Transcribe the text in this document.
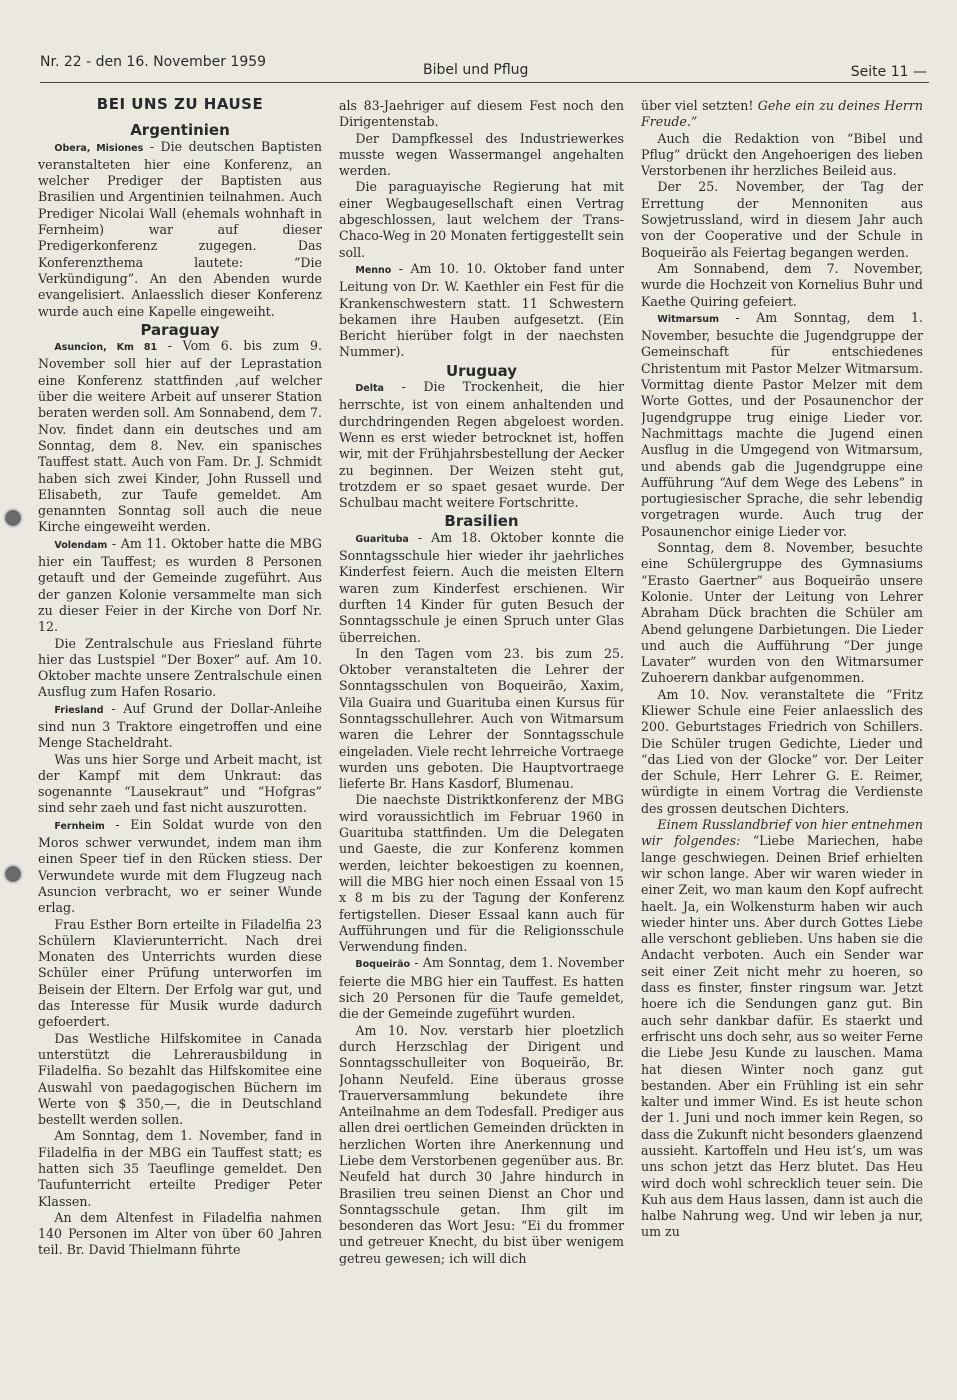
Nr. 22 - den 16. November 1959	Bibel und Pflug	Seite 11 —
BEI UNS ZU HAUSE
Argentinien

Obera, Misiones - Die deutschen Baptisten veranstalteten hier eine Konferenz, an welcher Prediger der Baptisten aus Brasilien und Argentinien teilnahmen. Auch Prediger Nicolai Wall (ehemals wohnhaft in Fernheim) war auf dieser Predigerkonferenz zugegen. Das Konferenzthema lautete: “Die Verkündigung”. An den Abenden wurde evangelisiert. Anlaesslich dieser Konferenz wurde auch eine Kapelle eingeweiht.

Paraguay

Asuncion, Km 81 - Vom 6. bis zum 9. November soll hier auf der Leprastation eine Konferenz stattfinden ,auf welcher über die weitere Arbeit auf unserer Station beraten werden soll. Am Sonnabend, dem 7. Nov. findet dann ein deutsches und am Sonntag, dem 8. Nev. ein spanisches Tauffest statt. Auch von Fam. Dr. J. Schmidt haben sich zwei Kinder, John Russell und Elisabeth, zur Taufe gemeldet. Am genannten Sonntag soll auch die neue Kirche eingeweiht werden.

Volendam - Am 11. Oktober hatte die MBG hier ein Tauffest; es wurden 8 Personen getauft und der Gemeinde zugeführt. Aus der ganzen Kolonie versammelte man sich zu dieser Feier in der Kirche von Dorf Nr. 12.

Die Zentralschule aus Friesland führte hier das Lustspiel “Der Boxer” auf. Am 10. Oktober machte unsere Zentralschule einen Ausflug zum Hafen Rosario.

Friesland - Auf Grund der Dollar-Anleihe sind nun 3 Traktore eingetroffen und eine Menge Stacheldraht.

Was uns hier Sorge und Arbeit macht, ist der Kampf mit dem Unkraut: das sogenannte “Lausekraut” und “Hofgras” sind sehr zaeh und fast nicht auszurotten.

Fernheim - Ein Soldat wurde von den Moros schwer verwundet, indem man ihm einen Speer tief in den Rücken stiess. Der Verwundete wurde mit dem Flugzeug nach Asuncion verbracht, wo er seiner Wunde erlag.

Frau Esther Born erteilte in Filadelfia 23 Schülern Klavierunterricht. Nach drei Monaten des Unterrichts wurden diese Schüler einer Prüfung unterworfen im Beisein der Eltern. Der Erfolg war gut, und das Interesse für Musik wurde dadurch gefoerdert.

Das Westliche Hilfskomitee in Canada unterstützt die Lehrerausbildung in Filadelfia. So bezahlt das Hilfskomitee eine Auswahl von paedagogischen Büchern im Werte von $ 350,—, die in Deutschland bestellt werden sollen.

Am Sonntag, dem 1. November, fand in Filadelfia in der MBG ein Tauffest statt; es hatten sich 35 Taeuflinge gemeldet. Den Taufunterricht erteilte Prediger Peter Klassen.

An dem Altenfest in Filadelfia nahmen 140 Personen im Alter von über 60 Jahren teil. Br. David Thielmann führte

als 83-Jaehriger auf diesem Fest noch den Dirigentenstab.

Der Dampfkessel des Industriewerkes musste wegen Wassermangel angehalten werden.

Die paraguayische Regierung hat mit einer Wegbaugesellschaft einen Vertrag abgeschlossen, laut welchem der Trans-Chaco-Weg in 20 Monaten fertiggestellt sein soll.

Menno - Am 10. 10. Oktober fand unter Leitung von Dr. W. Kaethler ein Fest für die Krankenschwestern statt. 11 Schwestern bekamen ihre Hauben aufgesetzt. (Ein Bericht hierüber folgt in der naechsten Nummer).

Uruguay

Delta - Die Trockenheit, die hier herrschte, ist von einem anhaltenden und durchdringenden Regen abgeloest worden. Wenn es erst wieder betrocknet ist, hoffen wir, mit der Frühjahrsbestellung der Aecker zu beginnen. Der Weizen steht gut, trotzdem er so spaet gesaet wurde. Der Schulbau macht weitere Fortschritte.

Brasilien

Guarituba - Am 18. Oktober konnte die Sonntagsschule hier wieder ihr jaehrliches Kinderfest feiern. Auch die meisten Eltern waren zum Kinderfest erschienen. Wir durften 14 Kinder für guten Besuch der Sonntagsschule je einen Spruch unter Glas überreichen.

In den Tagen vom 23. bis zum 25. Oktober veranstalteten die Lehrer der Sonntagsschulen von Boqueirão, Xaxim, Vila Guaira und Guarituba einen Kursus für Sonntagsschullehrer. Auch von Witmarsum waren die Lehrer der Sonntagsschule eingeladen. Viele recht lehrreiche Vortraege wurden uns geboten. Die Hauptvortraege lieferte Br. Hans Kasdorf, Blumenau.

Die naechste Distriktkonferenz der MBG wird voraussichtlich im Februar 1960 in Guarituba stattfinden. Um die Delegaten und Gaeste, die zur Konferenz kommen werden, leichter bekoestigen zu koennen, will die MBG hier noch einen Essaal von 15 x 8 m bis zu der Tagung der Konferenz fertigstellen. Dieser Essaal kann auch für Aufführungen und für die Religionsschule Verwendung finden.

Boqueirão - Am Sonntag, dem 1. November feierte die MBG hier ein Tauffest. Es hatten sich 20 Personen für die Taufe gemeldet, die der Gemeinde zugeführt wurden.

Am 10. Nov. verstarb hier ploetzlich durch Herzschlag der Dirigent und Sonntagsschulleiter von Boqueirão, Br. Johann Neufeld. Eine überaus grosse Trauerversammlung bekundete ihre Anteilnahme an dem Todesfall. Prediger aus allen drei oertlichen Gemeinden drückten in herzlichen Worten ihre Anerkennung und Liebe dem Verstorbenen gegenüber aus. Br. Neufeld hat durch 30 Jahre hindurch in Brasilien treu seinen Dienst an Chor und Sonntagsschule getan. Ihm gilt im besonderen das Wort Jesu: “Ei du frommer und getreuer Knecht, du bist über wenigem getreu gewesen; ich will dich

über viel setzten! Gehe ein zu deines Herrn Freude.”

Auch die Redaktion von “Bibel und Pflug” drückt den Angehoerigen des lieben Verstorbenen ihr herzliches Beileid aus.

Der 25. November, der Tag der Errettung der Mennoniten aus Sowjetrussland, wird in diesem Jahr auch von der Cooperative und der Schule in Boqueirão als Feiertag begangen werden.

Am Sonnabend, dem 7. November, wurde die Hochzeit von Kornelius Buhr und Kaethe Quiring gefeiert.

Witmarsum - Am Sonntag, dem 1. November, besuchte die Jugendgruppe der Gemeinschaft für entschiedenes Christentum mit Pastor Melzer Witmarsum. Vormittag diente Pastor Melzer mit dem Worte Gottes, und der Posaunenchor der Jugendgruppe trug einige Lieder vor. Nachmittags machte die Jugend einen Ausflug in die Umgegend von Witmarsum, und abends gab die Jugendgruppe eine Aufführung “Auf dem Wege des Lebens” in portugiesischer Sprache, die sehr lebendig vorgetragen wurde. Auch trug der Posaunenchor einige Lieder vor.

Sonntag, dem 8. November, besuchte eine Schülergruppe des Gymnasiums “Erasto Gaertner” aus Boqueirão unsere Kolonie. Unter der Leitung von Lehrer Abraham Dück brachten die Schüler am Abend gelungene Darbietungen. Die Lieder und auch die Aufführung “Der junge Lavater” wurden von den Witmarsumer Zuhoerern dankbar aufgenommen.

Am 10. Nov. veranstaltete die “Fritz Kliewer Schule eine Feier anlaesslich des 200. Geburtstages Friedrich von Schillers. Die Schüler trugen Gedichte, Lieder und “das Lied von der Glocke” vor. Der Leiter der Schule, Herr Lehrer G. E. Reimer, würdigte in einem Vortrag die Verdienste des grossen deutschen Dichters.

Einem Russlandbrief von hier entnehmen wir folgendes: “Liebe Mariechen, habe lange geschwiegen. Deinen Brief erhielten wir schon lange. Aber wir waren wieder in einer Zeit, wo man kaum den Kopf aufrecht haelt. Ja, ein Wolkensturm haben wir auch wieder hinter uns. Aber durch Gottes Liebe alle verschont geblieben. Uns haben sie die Andacht verboten. Auch ein Sender war seit einer Zeit nicht mehr zu hoeren, so dass es finster, finster ringsum war. Jetzt hoere ich die Sendungen ganz gut. Bin auch sehr dankbar dafür. Es staerkt und erfrischt uns doch sehr, aus so weiter Ferne die Liebe Jesu Kunde zu lauschen. Mama hat diesen Winter noch ganz gut bestanden. Aber ein Frühling ist ein sehr kalter und immer Wind. Es ist heute schon der 1. Juni und noch immer kein Regen, so dass die Zukunft nicht besonders glaenzend aussieht. Kartoffeln und Heu ist’s, um was uns schon jetzt das Herz blutet. Das Heu wird doch wohl schrecklich teuer sein. Die Kuh aus dem Haus lassen, dann ist auch die halbe Nahrung weg. Und wir leben ja nur, um zu
